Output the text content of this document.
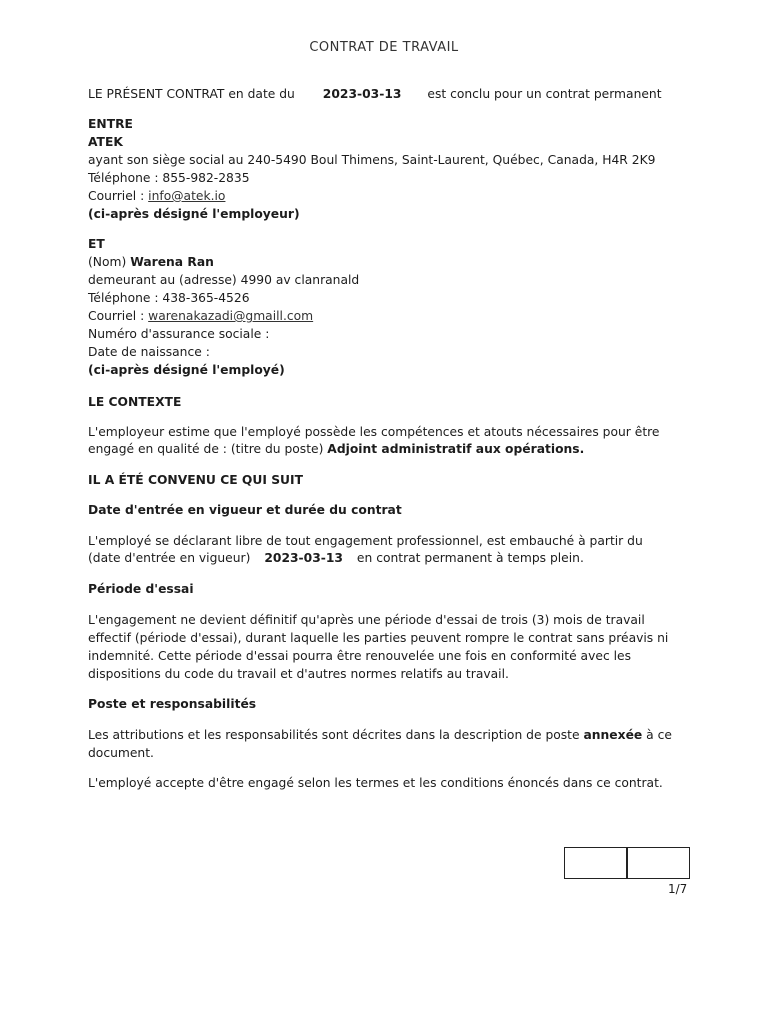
CONTRAT DE TRAVAIL
LE PRÉSENT CONTRAT en date du 2023-03-13 est conclu pour un contrat permanent
ENTRE
ATEK
ayant son siège social au 240-5490 Boul Thimens, Saint-Laurent, Québec, Canada, H4R 2K9
Téléphone : 855-982-2835
Courriel : info@atek.io
(ci-après désigné l'employeur)
ET
(Nom) Warena Ran
demeurant au (adresse) 4990 av clanranald
Téléphone : 438-365-4526
Courriel : warenakazadi@gmaill.com
Numéro d'assurance sociale :
Date de naissance :
(ci-après désigné l'employé)
LE CONTEXTE
L'employeur estime que l'employé possède les compétences et atouts nécessaires pour être
engagé en qualité de : (titre du poste) Adjoint administratif aux opérations.
IL A ÉTÉ CONVENU CE QUI SUIT
Date d'entrée en vigueur et durée du contrat
L'employé se déclarant libre de tout engagement professionnel, est embauché à partir du
(date d'entrée en vigueur) 2023-03-13 en contrat permanent à temps plein.
Période d'essai
L'engagement ne devient définitif qu'après une période d'essai de trois (3) mois de travail
effectif (période d'essai), durant laquelle les parties peuvent rompre le contrat sans préavis ni
indemnité. Cette période d'essai pourra être renouvelée une fois en conformité avec les
dispositions du code du travail et d'autres normes relatifs au travail.
Poste et responsabilités
Les attributions et les responsabilités sont décrites dans la description de poste annexée à ce
document.
L'employé accepte d'être engagé selon les termes et les conditions énoncés dans ce contrat.
1/7
